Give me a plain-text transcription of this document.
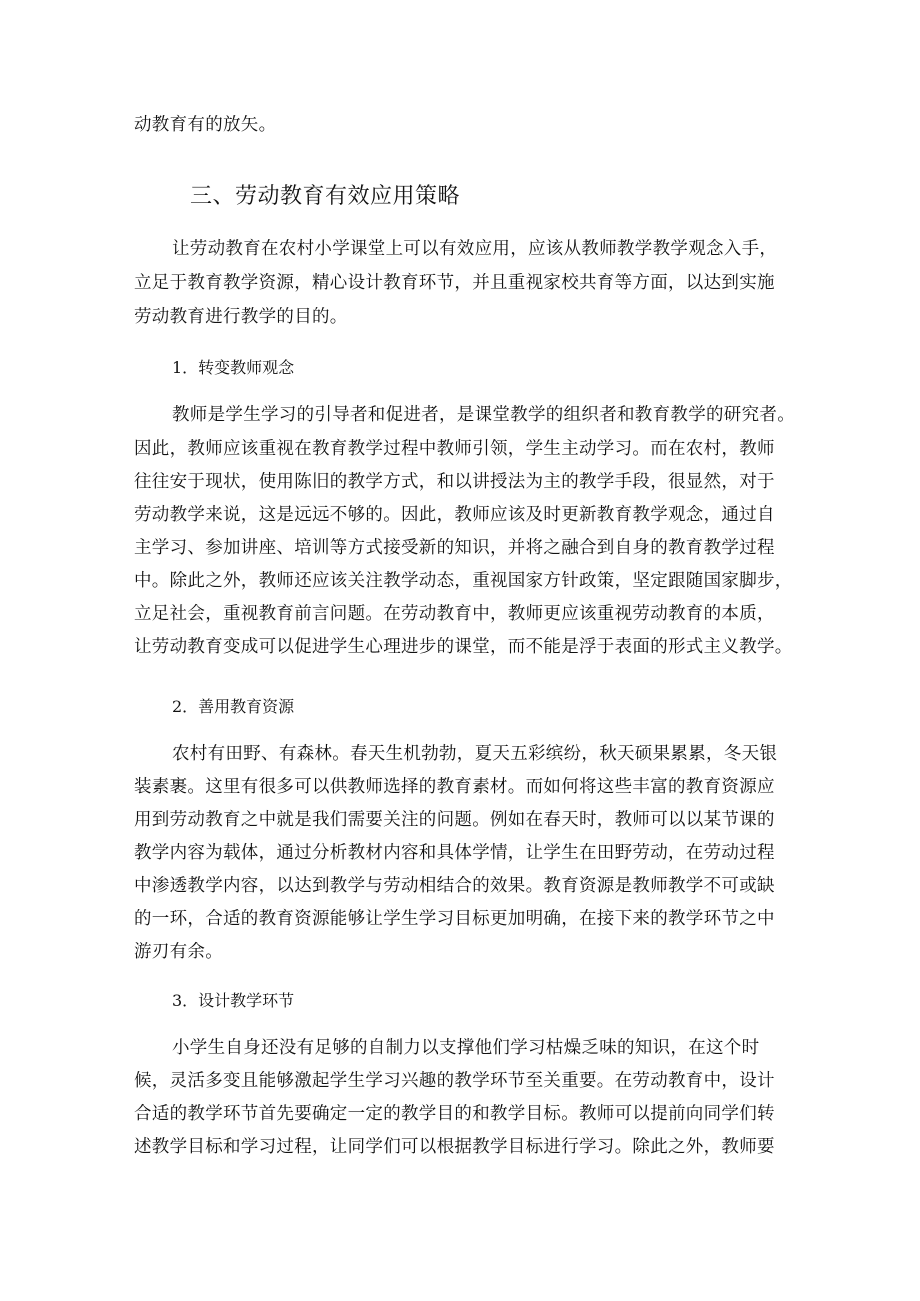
动教育有的放矢。
三、劳动教育有效应用策略
让劳动教育在农村小学课堂上可以有效应用，应该从教师教学教学观念入手，
立足于教育教学资源，精心设计教育环节，并且重视家校共育等方面，以达到实施
劳动教育进行教学的目的。
1．转变教师观念
教师是学生学习的引导者和促进者，是课堂教学的组织者和教育教学的研究者。
因此，教师应该重视在教育教学过程中教师引领，学生主动学习。而在农村，教师
往往安于现状，使用陈旧的教学方式，和以讲授法为主的教学手段，很显然，对于
劳动教学来说，这是远远不够的。因此，教师应该及时更新教育教学观念，通过自
主学习、参加讲座、培训等方式接受新的知识，并将之融合到自身的教育教学过程
中。除此之外，教师还应该关注教学动态，重视国家方针政策，坚定跟随国家脚步，
立足社会，重视教育前言问题。在劳动教育中，教师更应该重视劳动教育的本质，
让劳动教育变成可以促进学生心理进步的课堂，而不能是浮于表面的形式主义教学。
2．善用教育资源
农村有田野、有森林。春天生机勃勃，夏天五彩缤纷，秋天硕果累累，冬天银
装素裹。这里有很多可以供教师选择的教育素材。而如何将这些丰富的教育资源应
用到劳动教育之中就是我们需要关注的问题。例如在春天时，教师可以以某节课的
教学内容为载体，通过分析教材内容和具体学情，让学生在田野劳动，在劳动过程
中渗透教学内容，以达到教学与劳动相结合的效果。教育资源是教师教学不可或缺
的一环，合适的教育资源能够让学生学习目标更加明确，在接下来的教学环节之中
游刃有余。
3．设计教学环节
小学生自身还没有足够的自制力以支撑他们学习枯燥乏味的知识，在这个时
候，灵活多变且能够激起学生学习兴趣的教学环节至关重要。在劳动教育中，设计
合适的教学环节首先要确定一定的教学目的和教学目标。教师可以提前向同学们转
述教学目标和学习过程，让同学们可以根据教学目标进行学习。除此之外，教师要
